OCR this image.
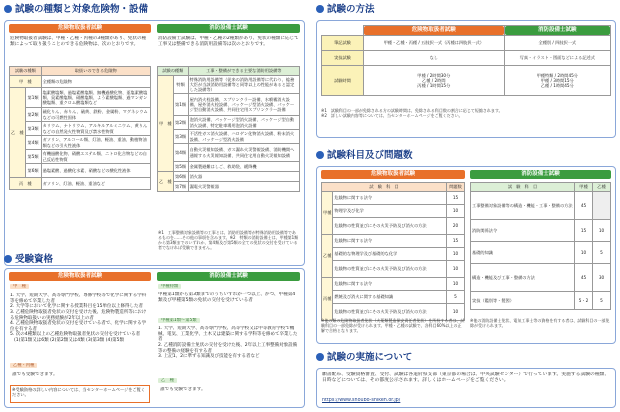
試験の種類と対象危険物・設備
危険物取扱者試験	消防設備士試験
危険物取扱者試験は、甲種・乙種・丙種の3種類があり、免状の種類によって取り扱うことのできる危険物は、次のとおりです。
消防設備士試験は、甲種・乙種の2種類があり、免状の種類に応じて工事又は整備できる消防用設備等は次のとおりです。
試験の種類		取扱いのできる危険物
甲　種		全種類の危険物
乙　種	第1類	塩素酸塩類、過塩素酸塩類、無機過酸化物、亜塩素酸塩類、臭素酸塩類、硝酸塩類、よう素酸塩類、過マンガン酸塩類、重クロム酸塩類など
	第2類	硫化りん、赤りん、硫黄、鉄粉、金属粉、マグネシウムなどの可燃性固体
	第3類	カリウム、ナトリウム、アルキルアルミニウム、黄りんなどの自然発火性物質及び禁水性物質
	第4類	ガソリン、アルコール類、灯油、軽油、重油、動植物油類などの引火性液体
	第5類	有機過酸化物、硝酸エステル類、ニトロ化合物などの自己反応性物質
	第6類	過塩素酸、過酸化水素、硝酸などの酸化性液体
丙　種		ガソリン、灯油、軽油、重油など
試験の種類		工事・整備ができる主要な消防用設備等
甲　種	特類	特殊消防用設備等（従来の消防用設備等に代わり、総務大臣が当該消防用設備等と同等以上の性能があると認定した設備等）
	第1類	屋内消火栓設備、スプリンクラー設備、水噴霧消火設備、屋外消火栓設備、パッケージ型消火設備、パッケージ型自動消火設備、共同住宅用スプリンクラー設備
	第2類	泡消火設備、パッケージ型消火設備、パッケージ型自動消火設備、特定駐車場用泡消火設備
	第3類	不活性ガス消火設備、ハロゲン化物消火設備、粉末消火設備、パッケージ型消火設備
	第4類	自動火災報知設備、ガス漏れ火災警報設備、消防機関へ通報する火災報知設備、共同住宅用自動火災報知設備
	第5類	金属製避難はしご、救助袋、緩降機
乙　種	第6類	消火器
	第7類	漏電火災警報器
※1　工事整備対象設備等の工事とは、消防用設備等が特殊消防用設備等であるものを……その他の事項を含みます。※2　特類の消防設備士は、甲種第1類から第3類までのいずれか、第4類及び第5類の全ての免状の交付を受けている者でなければ受験できません。
受験資格
危険物取扱者試験	消防設備士試験
甲　種
1. 大学、短期大学、高等専門学校、専修学校等で化学に関する学科等を修めて卒業した者
2. 大学等において化学に関する授業科目を15単位以上修得した者
3. 乙種危険物取扱者免状の交付を受けた後、危険物製造所等における危険物取扱いの実務経験が2年以上の者
4. 乙種危険物取扱者免状の交付を受けている者で、化学に関する学位を有する者
5. 次の4種類以上の乙種危険物取扱者免状の交付を受けている者
(1)第1類又は6類 (2)第2類又は4類 (3)第3類 (4)第5類
乙種・丙種
誰でも受験できます。
※受験資格の詳しい内容については、当センターホームページをご覧ください。
甲種特類
甲種第1類から第3類までのうちいずれか一つ以上、かつ、甲種第4類及び甲種第5類の免状の交付を受けている者
甲種第1類～第5類
1. 大学、短期大学、高等専門学校、高等学校又は中等教育学校で機械、電気、工業化学、土木又は建築に関する学科等を修めて卒業した者
2. 乙種消防設備士免状の交付を受けた後、2年以上工事整備対象設備等の整備の経験を有する者
3. 上記1、2に準ずる知識及び技能を有する者など
乙　種
誰でも受験できます。
試験の方法

	危険物取扱者試験	消防設備士試験

筆記試験	甲種・乙種・丙種 / 五肢択一式（丙種は四肢択一式）	全種別 / 四肢択一式
実技試験	なし	写真・イラスト・図面などによる記述式
試験時間	甲種 / 2時間30分
乙種 / 2時間
丙種 / 1時間15分	甲種特類 / 2時間45分
甲種 / 3時間15分
乙種 / 1時間45分
※1　試験科目の一部が免除される方の試験時間は、免除される科目数の割合に応じて短縮されます。
※2　詳しい試験内容等については、当センターホームページをご覧ください。
試験科目及び問題数
危険物取扱者試験	消防設備士試験
試　験　科　目		問題数
甲種	危険物に関する法令	15
	物理学及び化学	10
	危険物の性質並びにその火災予防及び消火の方法	20
乙種	危険物に関する法令	15
	基礎的な物理学及び基礎的な化学	10
	危険物の性質並びにその火災予防及び消火の方法	10
丙種	危険物に関する法令	10
	燃焼及び消火に関する基礎知識	5
	危険物の性質並びにその火災予防及び消火の方法	10
※他の類の危険物取扱者免状（火薬類製造保安責任者免状）を所持する者は、試験科目の一部免除が受けられます。甲種・乙種の試験で、各科目60%以上の正解で合格となります。
試　験　科　目	甲種	乙種
工事整備対象設備等の構造・機能・工事・整備の方法	45	
消防関係法令	15	10
基礎的知識	10	5
構造・機能及び工事・整備の方法	45	30
実技（鑑別等・製図）	5・2	5
※他の消防設備士免状、電気工事士等の資格を有する者は、試験科目の一部免除が受けられます。
試験の実施について
願書配布、受験資格審査、受付、試験は各道府県支部（東京都の場合は、中央試験センター）で行っています。実施する試験の種類、日時などについては、その都度公示されます。詳しくはホームページをご覧ください。
https://www.shoubo-shiken.or.jp/
